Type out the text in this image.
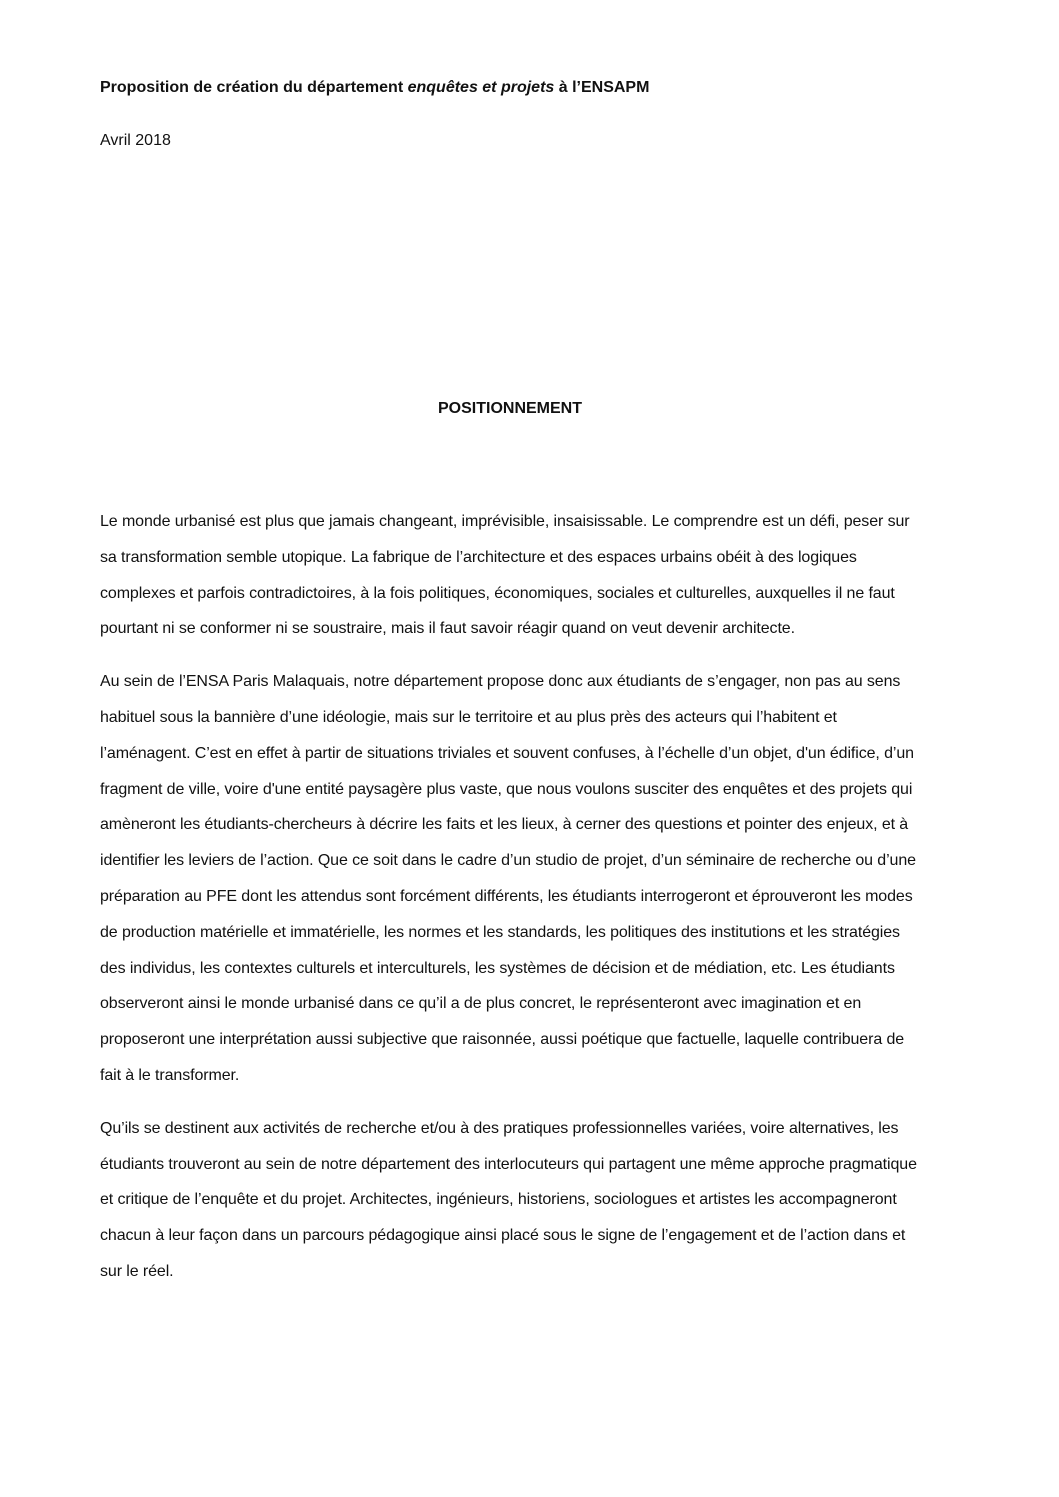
Proposition de création du département enquêtes et projets à l’ENSAPM

Avril 2018

POSITIONNEMENT

Le monde urbanisé est plus que jamais changeant, imprévisible, insaisissable. Le comprendre est un défi, peser sur sa transformation semble utopique. La fabrique de l’architecture et des espaces urbains obéit à des logiques complexes et parfois contradictoires, à la fois politiques, économiques, sociales et culturelles, auxquelles il ne faut pourtant ni se conformer ni se soustraire, mais il faut savoir réagir quand on veut devenir architecte.

Au sein de l’ENSA Paris Malaquais, notre département propose donc aux étudiants de s’engager, non pas au sens habituel sous la bannière d’une idéologie, mais sur le territoire et au plus près des acteurs qui l’habitent et l’aménagent. C’est en effet à partir de situations triviales et souvent confuses, à l’échelle d’un objet, d'un édifice, d’un fragment de ville, voire d'une entité paysagère plus vaste, que nous voulons susciter des enquêtes et des projets qui amèneront les étudiants-chercheurs à décrire les faits et les lieux, à cerner des questions et pointer des enjeux, et à identifier les leviers de l’action. Que ce soit dans le cadre d’un studio de projet, d’un séminaire de recherche ou d’une préparation au PFE dont les attendus sont forcément différents, les étudiants interrogeront et éprouveront les modes de production matérielle et immatérielle, les normes et les standards, les politiques des institutions et les stratégies des individus, les contextes culturels et interculturels, les systèmes de décision et de médiation, etc. Les étudiants observeront ainsi le monde urbanisé dans ce qu’il a de plus concret, le représenteront avec imagination et en proposeront une interprétation aussi subjective que raisonnée, aussi poétique que factuelle, laquelle contribuera de fait à le transformer.

Qu’ils se destinent aux activités de recherche et/ou à des pratiques professionnelles variées, voire alternatives, les étudiants trouveront au sein de notre département des interlocuteurs qui partagent une même approche pragmatique et critique de l’enquête et du projet. Architectes, ingénieurs, historiens, sociologues et artistes les accompagneront chacun à leur façon dans un parcours pédagogique ainsi placé sous le signe de l’engagement et de l’action dans et sur le réel.
